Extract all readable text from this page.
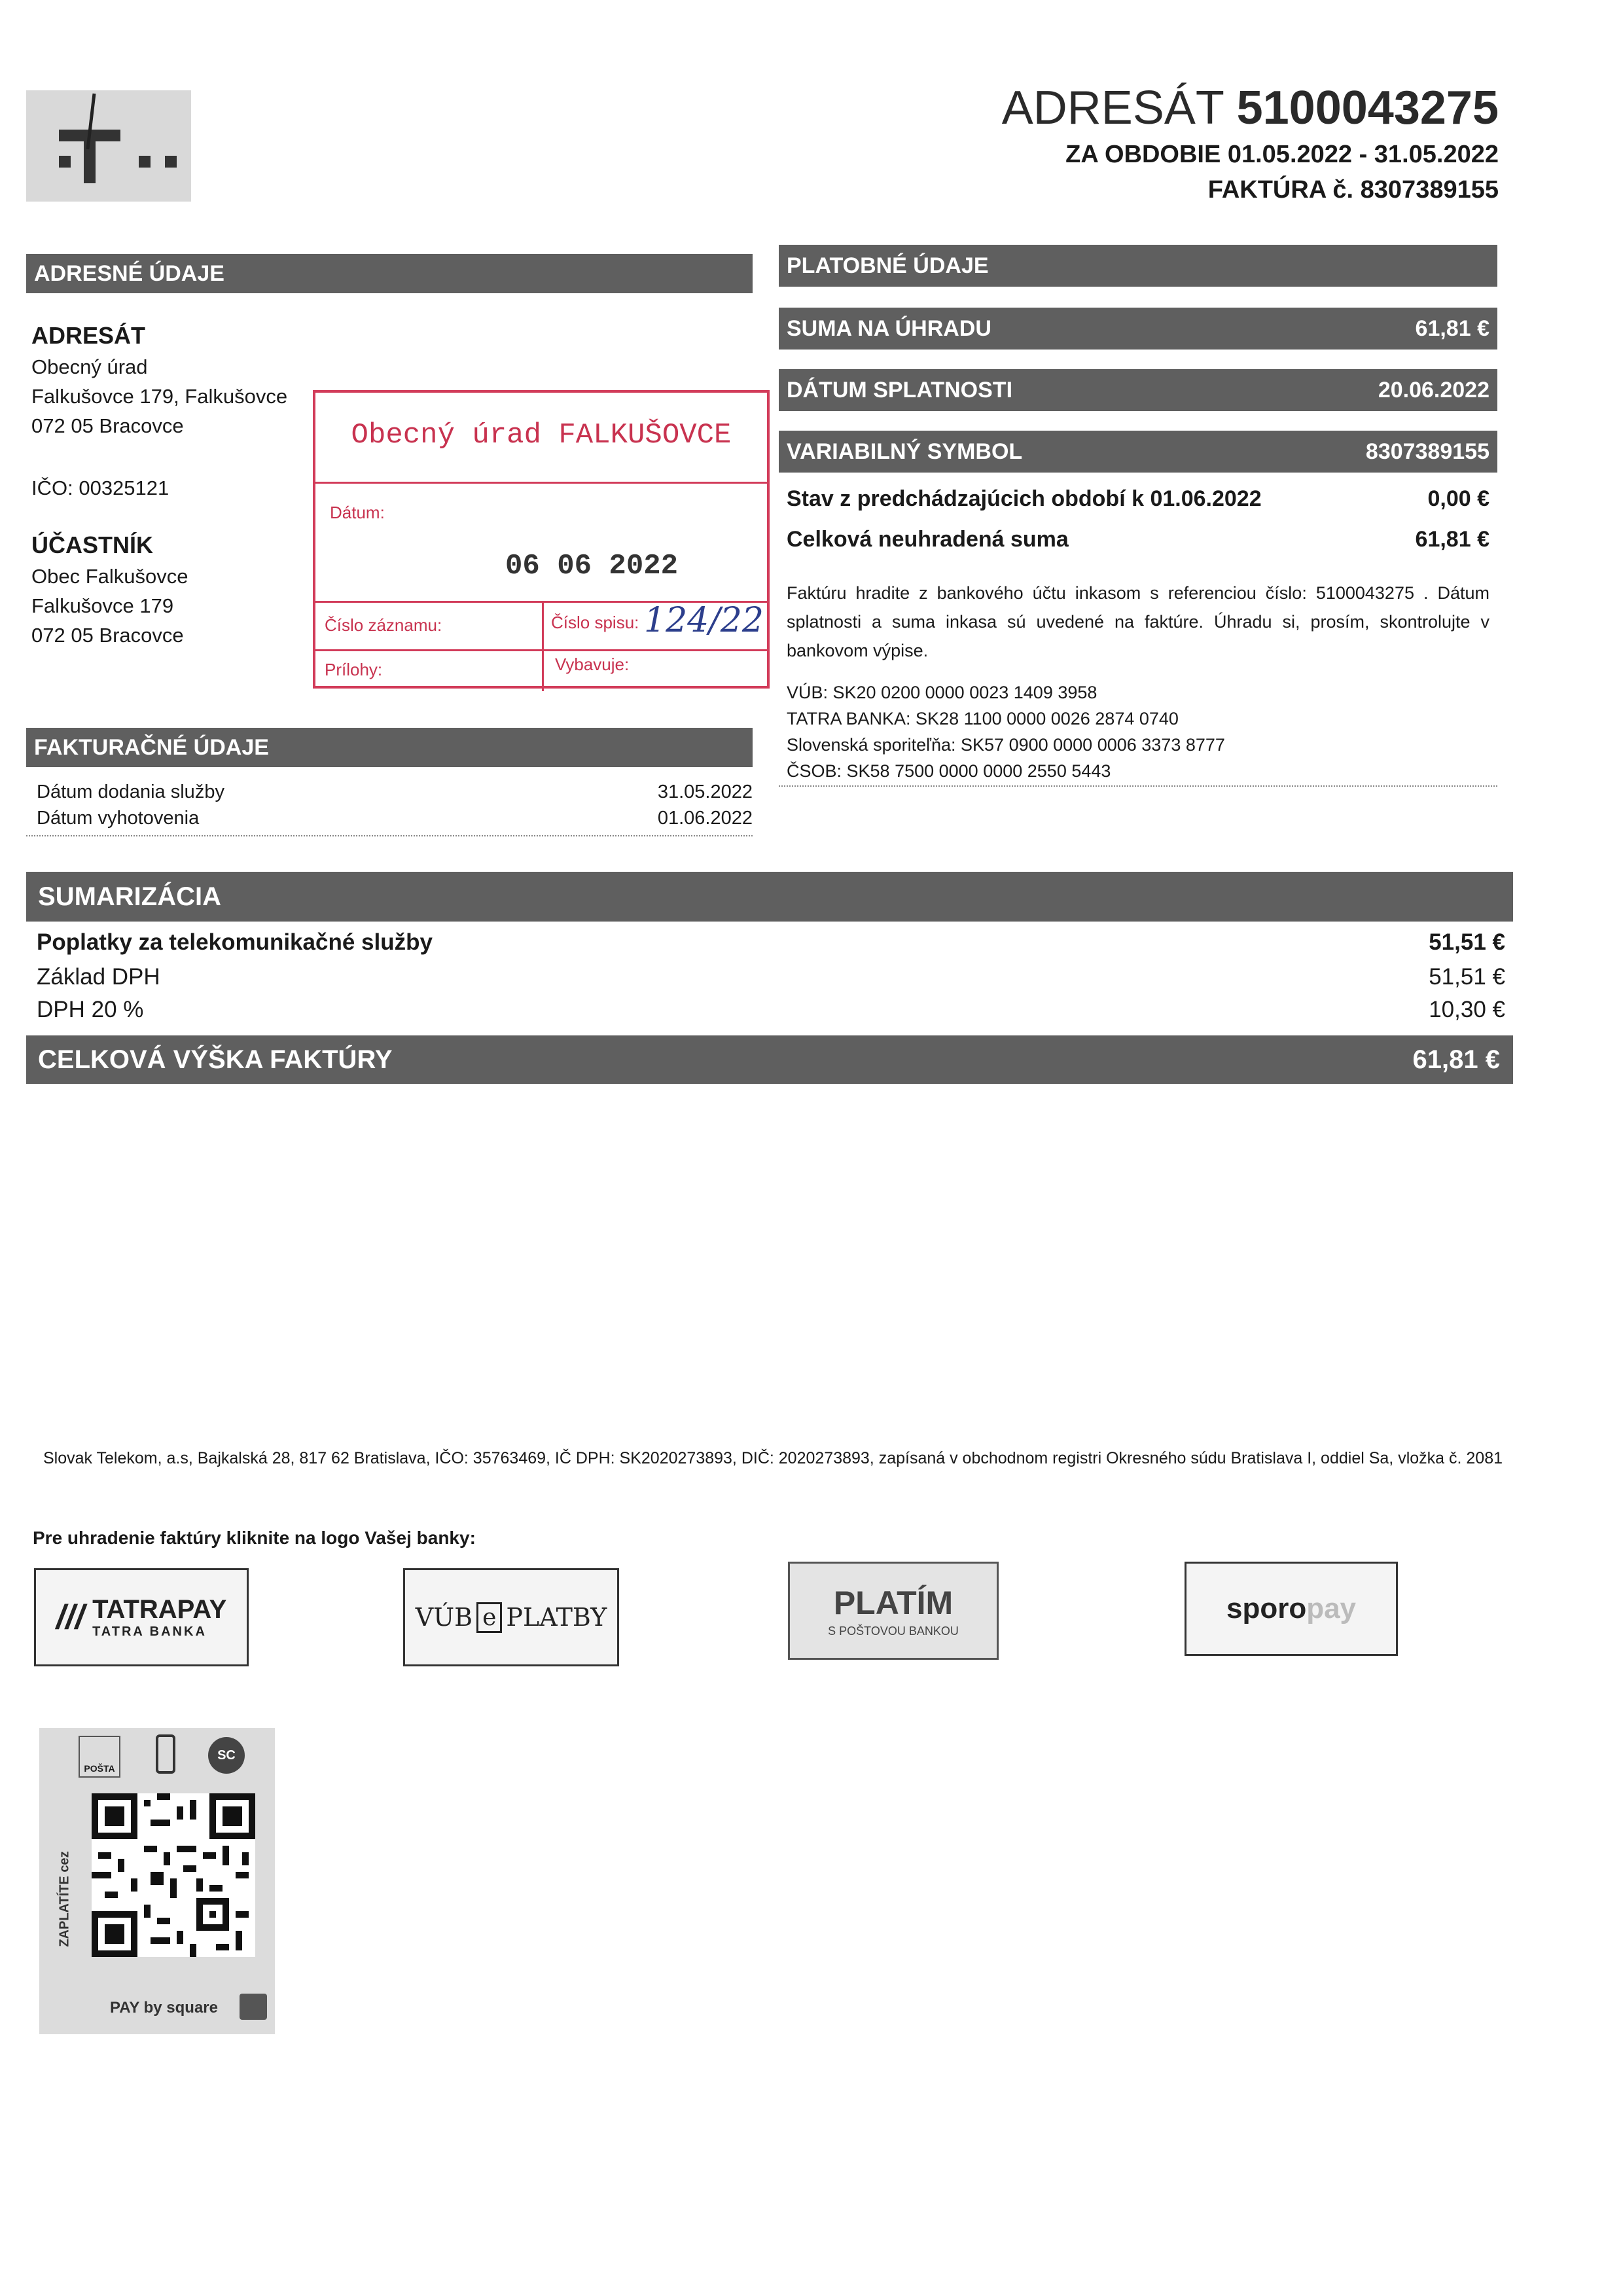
ADRESÁT 5100043275
ZA OBDOBIE 01.05.2022 - 31.05.2022
FAKTÚRA č. 8307389155
ADRESNÉ ÚDAJE
ADRESÁT
Obecný úrad
Falkušovce 179, Falkušovce
072 05 Bracovce
IČO: 00325121
ÚČASTNÍK
Obec Falkušovce
Falkušovce 179
072 05 Bracovce
Obecný úrad FALKUŠOVCE
Dátum:
06 06 2022
Číslo záznamu:	Číslo spisu: 124/22
Prílohy:	Vybavuje:
FAKTURAČNÉ ÚDAJE
Dátum dodania služby	31.05.2022
Dátum vyhotovenia	01.06.2022
PLATOBNÉ ÚDAJE
SUMA NA ÚHRADU	61,81 €
DÁTUM SPLATNOSTI	20.06.2022
VARIABILNÝ SYMBOL	8307389155
Stav z predchádzajúcich období k 01.06.2022	0,00 €
Celková neuhradená suma	61,81 €
Faktúru hradite z bankového účtu inkasom s referenciou číslo: 5100043275 . Dátum splatnosti a suma inkasa sú uvedené na faktúre. Úhradu si, prosím, skontrolujte v bankovom výpise.
VÚB: SK20 0200 0000 0023 1409 3958
TATRA BANKA: SK28 1100 0000 0026 2874 0740
Slovenská sporiteľňa: SK57 0900 0000 0006 3373 8777
ČSOB: SK58 7500 0000 0000 2550 5443
SUMARIZÁCIA
Poplatky za telekomunikačné služby	51,51 €
Základ DPH	51,51 €
DPH 20 %	10,30 €
CELKOVÁ VÝŠKA FAKTÚRY	61,81 €
Slovak Telekom, a.s, Bajkalská 28, 817 62 Bratislava, IČO: 35763469, IČ DPH: SK2020273893, DIČ: 2020273893, zapísaná v obchodnom registri Okresného súdu Bratislava I, oddiel Sa, vložka č. 2081
Pre uhradenie faktúry kliknite na logo Vašej banky:
/// TATRAPAY
TATRA BANKA	VÚB e PLATBY	PLATÍM
S POŠTOVOU BANKOU
sporo pay
ZAPLATÍTE cez
POŠTA
SC
PAY by square
